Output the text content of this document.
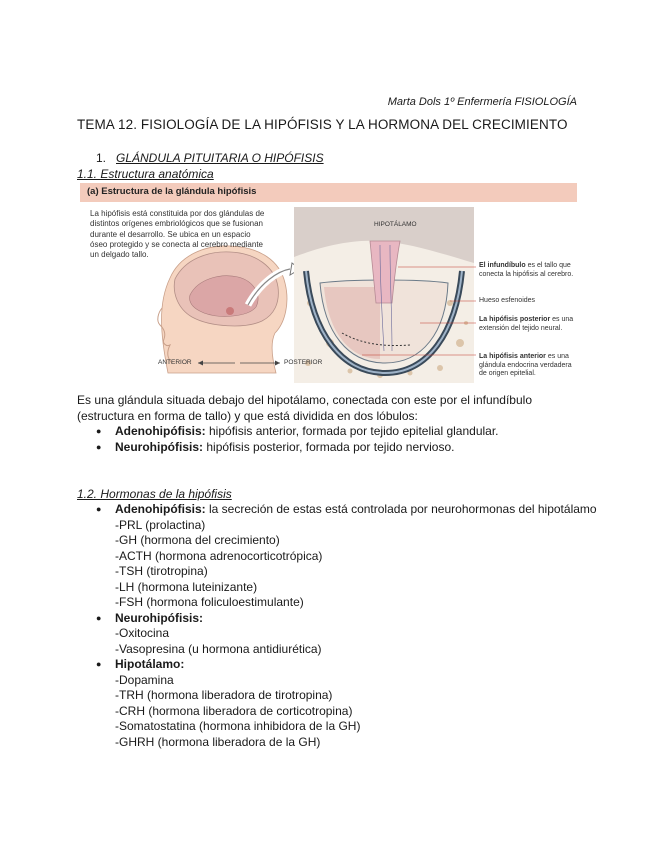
Marta Dols 1º Enfermería FISIOLOGÍA
TEMA 12. FISIOLOGÍA DE LA HIPÓFISIS Y LA HORMONA DEL CRECIMIENTO
1. GLÁNDULA PITUITARIA O HIPÓFISIS
1.1. Estructura anatómica
(a) Estructura de la glándula hipófisis
La hipófisis está constituida por dos glándulas de distintos orígenes embriológicos que se fusionan durante el desarrollo. Se ubica en un espacio óseo protegido y se conecta al cerebro mediante un delgado tallo.
HIPOTÁLAMO
ANTERIOR	POSTERIOR
El infundíbulo es el tallo que conecta la hipófisis al cerebro.
Hueso esfenoides
La hipófisis posterior es una extensión del tejido neural.
La hipófisis anterior es una glándula endocrina verdadera de origen epitelial.
Es una glándula situada debajo del hipotálamo, conectada con este por el infundíbulo (estructura en forma de tallo) y que está dividida en dos lóbulos:
● Adenohipófisis: hipófisis anterior, formada por tejido epitelial glandular.
● Neurohipófisis: hipófisis posterior, formada por tejido nervioso.
1.2. Hormonas de la hipófisis
● Adenohipófisis: la secreción de estas está controlada por neurohormonas del hipotálamo
-PRL (prolactina)
-GH (hormona del crecimiento)
-ACTH (hormona adrenocorticotrópica)
-TSH (tirotropina)
-LH (hormona luteinizante)
-FSH (hormona foliculoestimulante)
● Neurohipófisis:
-Oxitocina
-Vasopresina (u hormona antidiurética)
● Hipotálamo:
-Dopamina
-TRH (hormona liberadora de tirotropina)
-CRH (hormona liberadora de corticotropina)
-Somatostatina (hormona inhibidora de la GH)
-GHRH (hormona liberadora de la GH)
